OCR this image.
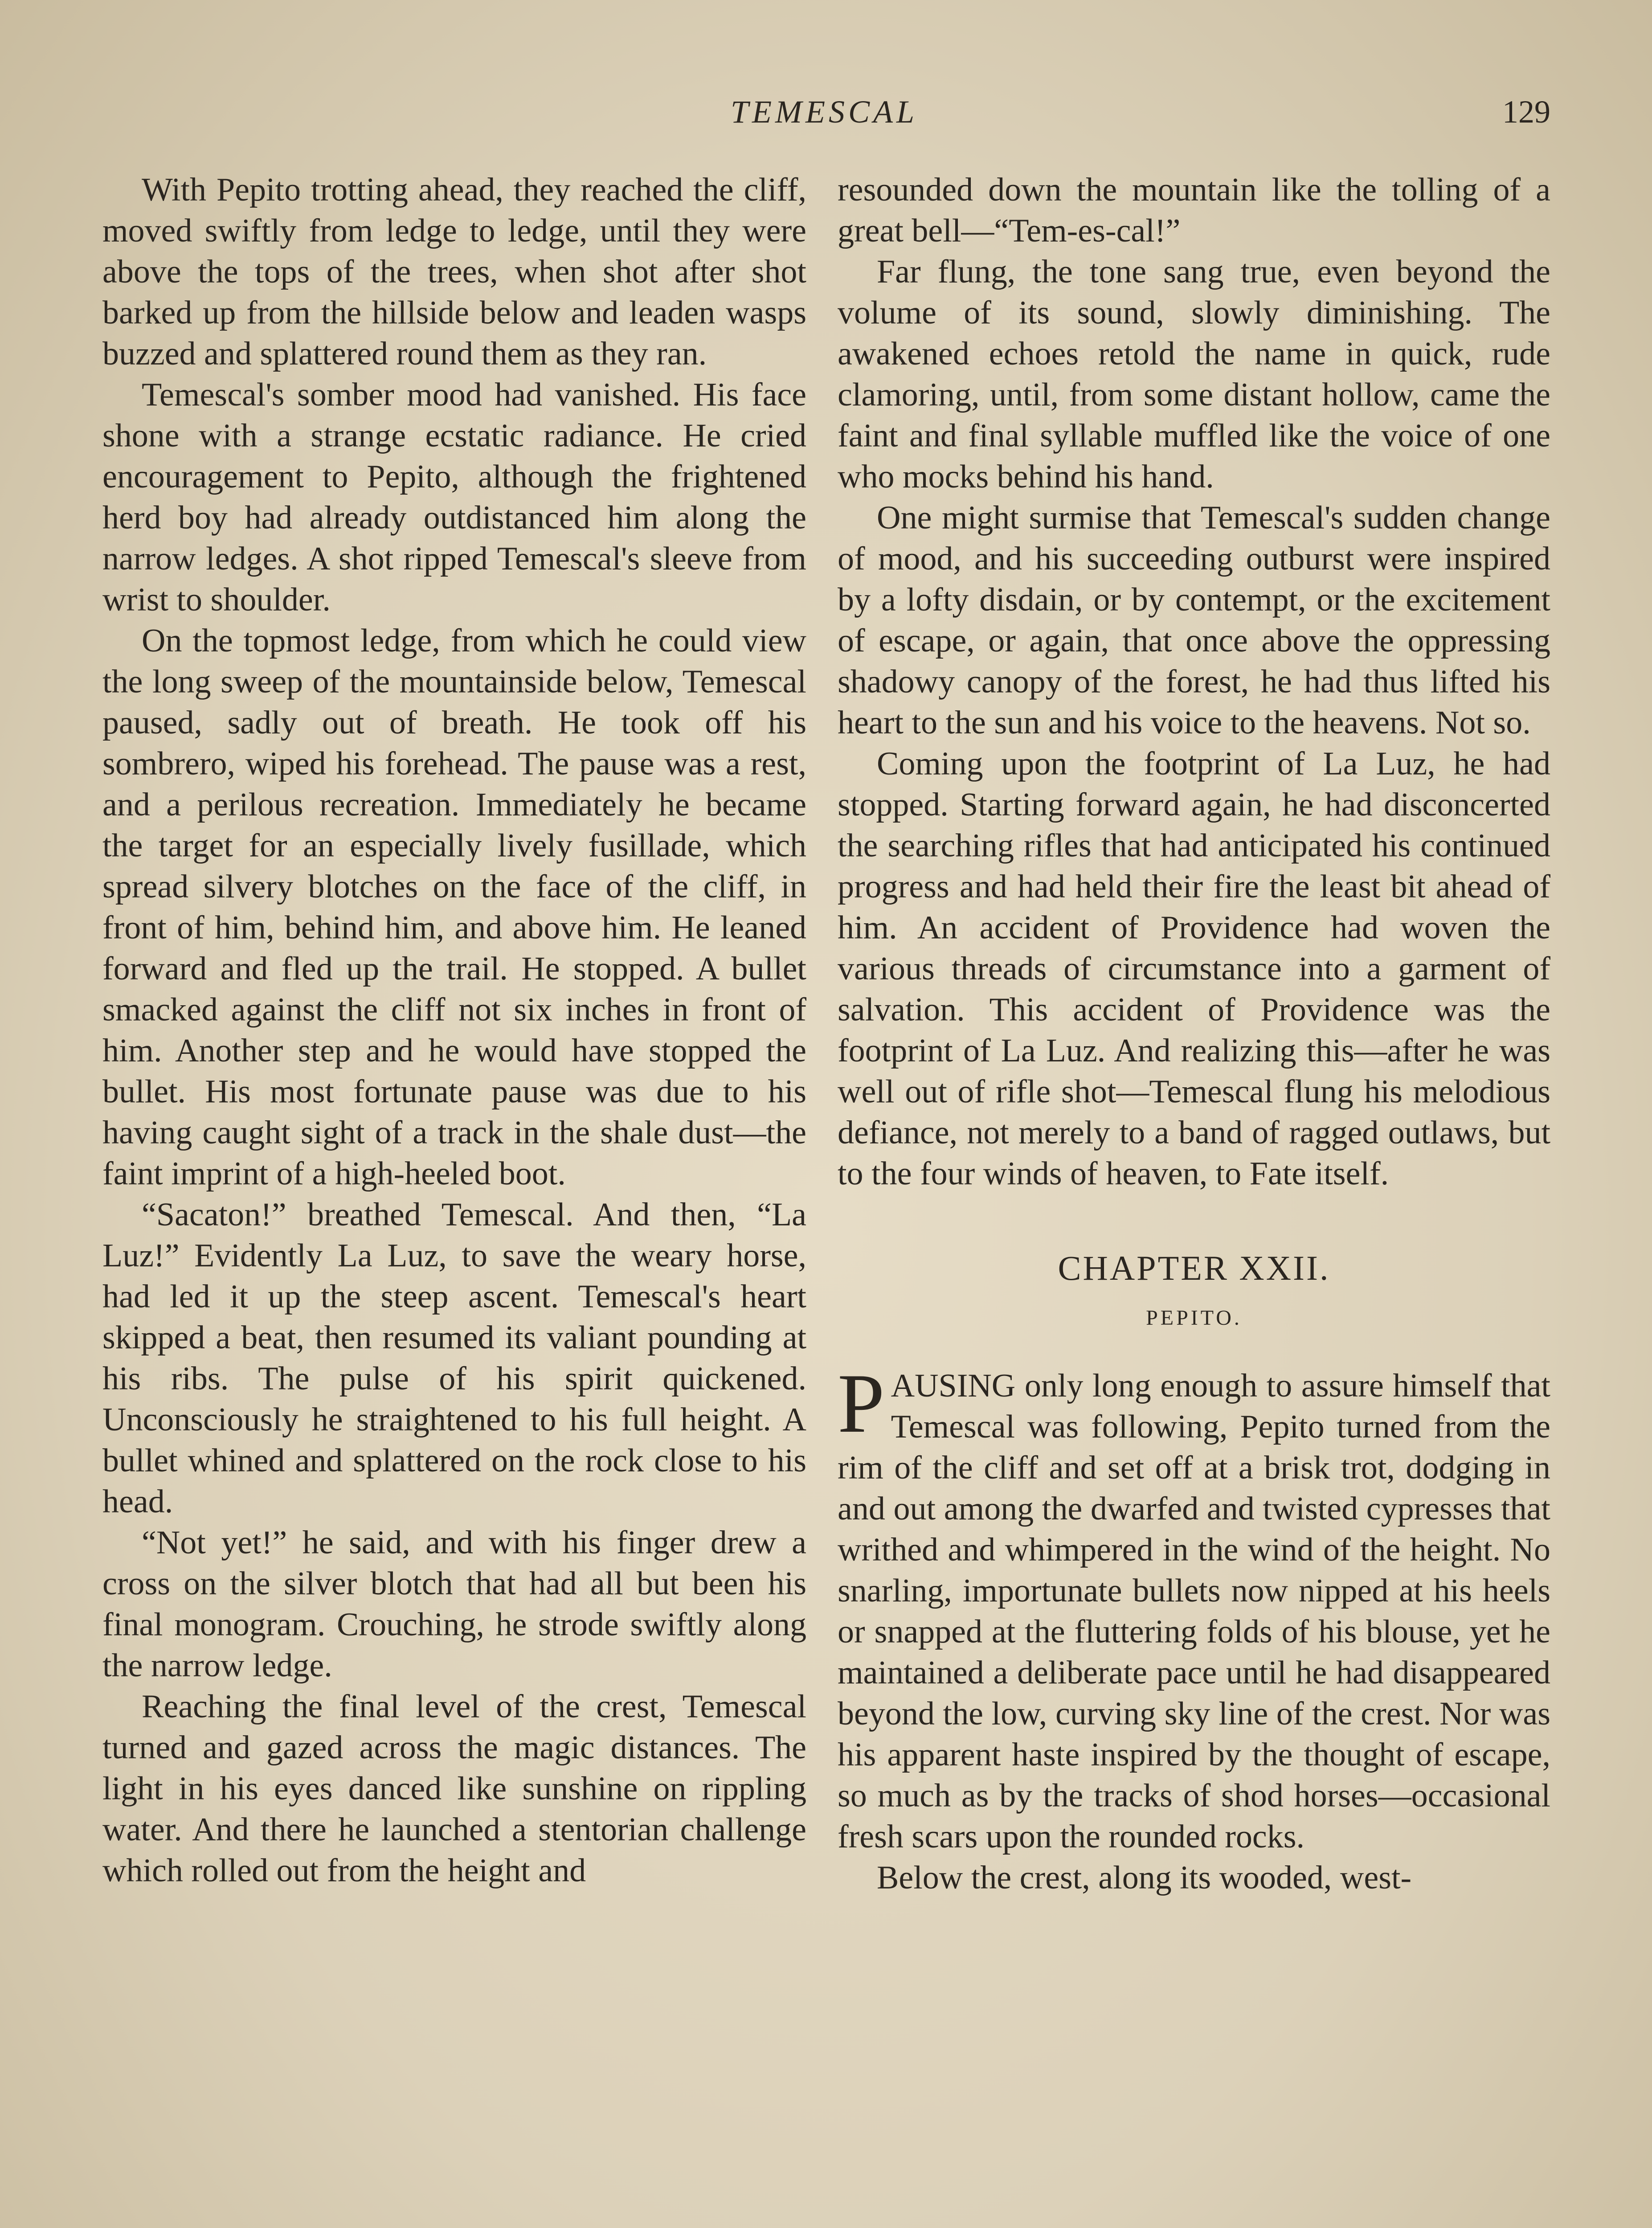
TEMESCAL	129

With Pepito trotting ahead, they reached the cliff, moved swiftly from ledge to ledge, until they were above the tops of the trees, when shot after shot barked up from the hillside below and leaden wasps buzzed and splattered round them as they ran.

Temescal's somber mood had vanished. His face shone with a strange ecstatic radiance. He cried encouragement to Pepito, although the frightened herd boy had already outdistanced him along the narrow ledges. A shot ripped Temescal's sleeve from wrist to shoulder.

On the topmost ledge, from which he could view the long sweep of the mountainside below, Temescal paused, sadly out of breath. He took off his sombrero, wiped his forehead. The pause was a rest, and a perilous recreation. Immediately he became the target for an especially lively fusillade, which spread silvery blotches on the face of the cliff, in front of him, behind him, and above him. He leaned forward and fled up the trail. He stopped. A bullet smacked against the cliff not six inches in front of him. Another step and he would have stopped the bullet. His most fortunate pause was due to his having caught sight of a track in the shale dust—the faint imprint of a high-heeled boot.

“Sacaton!” breathed Temescal. And then, “La Luz!” Evidently La Luz, to save the weary horse, had led it up the steep ascent. Temescal's heart skipped a beat, then resumed its valiant pounding at his ribs. The pulse of his spirit quickened. Unconsciously he straightened to his full height. A bullet whined and splattered on the rock close to his head.

“Not yet!” he said, and with his finger drew a cross on the silver blotch that had all but been his final monogram. Crouching, he strode swiftly along the narrow ledge.

Reaching the final level of the crest, Temescal turned and gazed across the magic distances. The light in his eyes danced like sunshine on rippling water. And there he launched a stentorian challenge which rolled out from the height and

resounded down the mountain like the tolling of a great bell—“Tem-es-cal!”

Far flung, the tone sang true, even beyond the volume of its sound, slowly diminishing. The awakened echoes retold the name in quick, rude clamoring, until, from some distant hollow, came the faint and final syllable muffled like the voice of one who mocks behind his hand.

One might surmise that Temescal's sudden change of mood, and his succeeding outburst were inspired by a lofty disdain, or by contempt, or the excitement of escape, or again, that once above the oppressing shadowy canopy of the forest, he had thus lifted his heart to the sun and his voice to the heavens. Not so.

Coming upon the footprint of La Luz, he had stopped. Starting forward again, he had disconcerted the searching rifles that had anticipated his continued progress and had held their fire the least bit ahead of him. An accident of Providence had woven the various threads of circumstance into a garment of salvation. This accident of Providence was the footprint of La Luz. And realizing this—after he was well out of rifle shot—Temescal flung his melodious defiance, not merely to a band of ragged outlaws, but to the four winds of heaven, to Fate itself.

CHAPTER XXII.
PEPITO.

PAUSING only long enough to assure himself that Temescal was following, Pepito turned from the rim of the cliff and set off at a brisk trot, dodging in and out among the dwarfed and twisted cypresses that writhed and whimpered in the wind of the height. No snarling, importunate bullets now nipped at his heels or snapped at the fluttering folds of his blouse, yet he maintained a deliberate pace until he had disappeared beyond the low, curving sky line of the crest. Nor was his apparent haste inspired by the thought of escape, so much as by the tracks of shod horses—occasional fresh scars upon the rounded rocks.

Below the crest, along its wooded, west-
